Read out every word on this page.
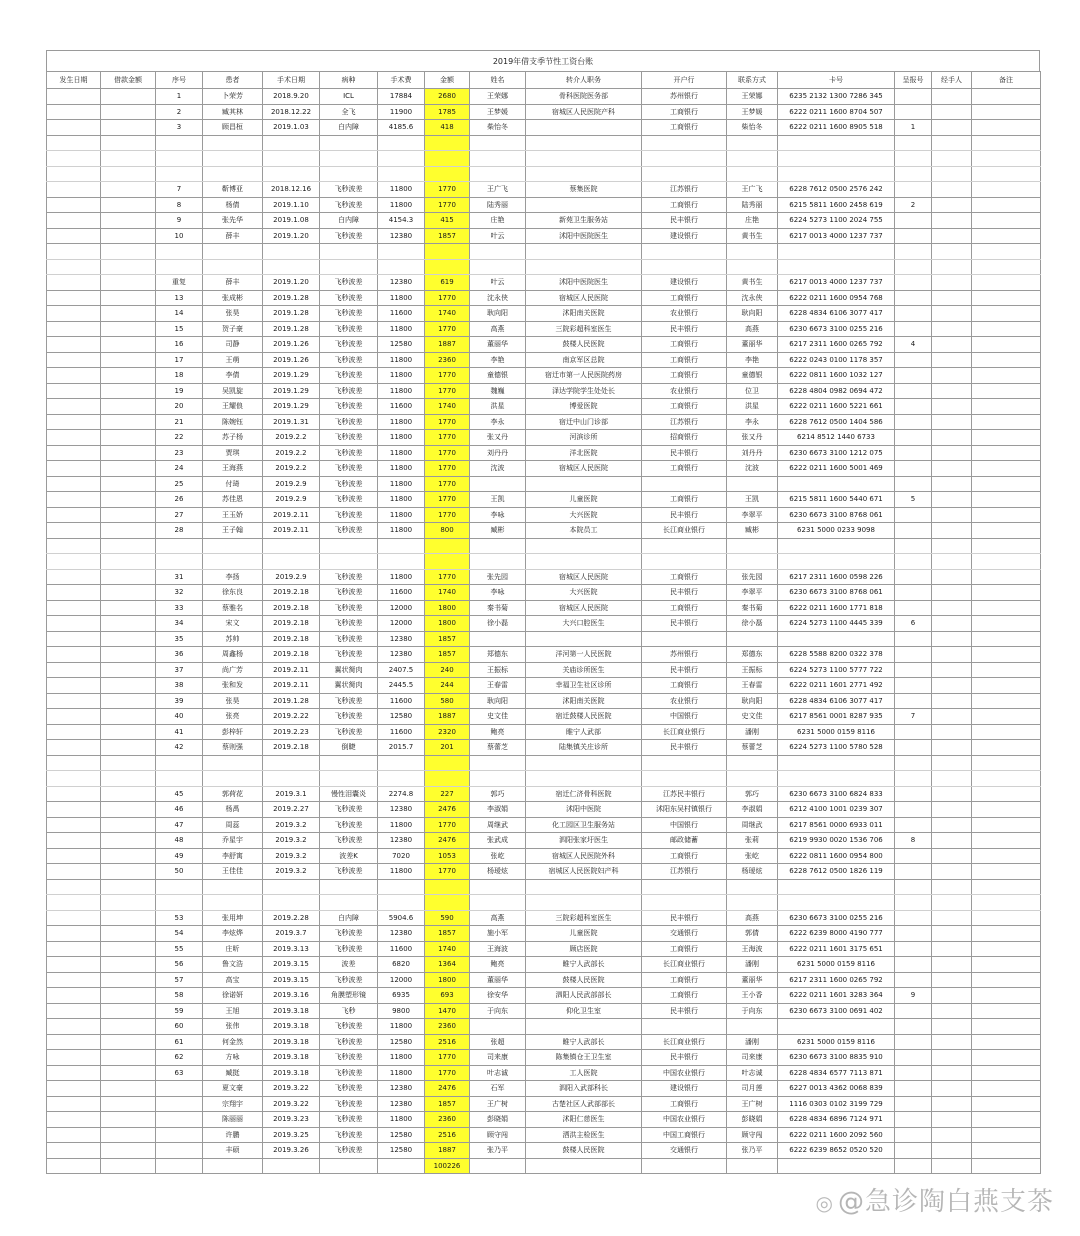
2019年借支季节性工资台账
发生日期	借款金额	序号	患者	手术日期	病种	手术费	金额	姓名	转介人职务	开户行	联系方式	卡号	呈报号	经手人	备注
		1	卜荣芳	2018.9.20	ICL	17884	2680	王荣娜	骨科医院医务部	苏州银行	王荣娜	6235 2132 1300 7286 345			
		2	臧其林	2018.12.22	全飞	11900	1785	王梦媛	宿城区人民医院产科	工商银行	王梦媛	6222 0211 1600 8704 507			
		3	顾昌桓	2019.1.03	白内障	4185.6	418	柴怡冬		工商银行	柴怡冬	6222 0211 1600 8905 518	1		

		7	靳博亚	2018.12.16	飞秒波差	11800	1770	王广飞	蔡集医院	江苏银行	王广飞	6228 7612 0500 2576 242			
		8	杨倩	2019.1.10	飞秒波差	11800	1770	陆秀丽		工商银行	陆秀丽	6215 5811 1600 2458 619	2		
		9	张先华	2019.1.08	白内障	4154.3	415	庄艳	新苑卫生服务站	民丰银行	庄艳	6224 5273 1100 2024 755			
		10	薛丰	2019.1.20	飞秒波差	12380	1857	叶云	沭阳中医院医生	建设银行	黄书生	6217 0013 4000 1237 737			

		重复	薛丰	2019.1.20	飞秒波差	12380	619	叶云	沭阳中医院医生	建设银行	黄书生	6217 0013 4000 1237 737			
		13	张成彬	2019.1.28	飞秒波差	11800	1770	沈永侠	宿城区人民医院	工商银行	沈永侠	6222 0211 1600 0954 768			
		14	张昊	2019.1.28	飞秒波差	11600	1740	耿向阳	沭阳南关医院	农业银行	耿向阳	6228 4834 6106 3077 417			
		15	贺子豪	2019.1.28	飞秒波差	11800	1770	高燕	三院彩超科室医生	民丰银行	高燕	6230 6673 3100 0255 216			
		16	司静	2019.1.26	飞秒波差	12580	1887	董丽华	鼓楼人民医院	工商银行	董丽华	6217 2311 1600 0265 792	4		
		17	王萌	2019.1.26	飞秒波差	11800	2360	李艳	南京军区总院	工商银行	李艳	6222 0243 0100 1178 357			
		18	李倩	2019.1.29	飞秒波差	11800	1770	童德银	宿迁市第一人民医院药房	工商银行	童德银	6222 0811 1600 1032 127			
		19	吴凯旋	2019.1.29	飞秒波差	11800	1770	魏巍	泽达学院学生处处长	农业银行	位卫	6228 4804 0982 0694 472			
		20	王耀俍	2019.1.29	飞秒波差	11600	1740	洪星	博爱医院	工商银行	洪星	6222 0211 1600 5221 661			
		21	陈婉钰	2019.1.31	飞秒波差	11800	1770	李永	宿迁中山门诊部	江苏银行	李永	6228 7612 0500 1404 586			
		22	苏子杨	2019.2.2	飞秒波差	11800	1770	张又丹	河滨诊所	招商银行	张又丹	6214 8512 1440 6733			
		23	贾琪	2019.2.2	飞秒波差	11800	1770	刘丹丹	洋北医院	民丰银行	刘丹丹	6230 6673 3100 1212 075			
		24	王海燕	2019.2.2	飞秒波差	11800	1770	沈波	宿城区人民医院	工商银行	沈波	6222 0211 1600 5001 469			
		25	付琦	2019.2.9	飞秒波差	11800	1770								
		26	苏佳恩	2019.2.9	飞秒波差	11800	1770	王凯	儿童医院	工商银行	王凯	6215 5811 1600 5440 671	5		
		27	王玉娇	2019.2.11	飞秒波差	11800	1770	李咏	大兴医院	民丰银行	李翠平	6230 6673 3100 8768 061			
		28	王子翰	2019.2.11	飞秒波差	11800	800	臧彬	本院员工	长江商业银行	臧彬	6231 5000 0233 9098			

		31	李扬	2019.2.9	飞秒波差	11800	1770	张先园	宿城区人民医院	工商银行	张先园	6217 2311 1600 0598 226			
		32	徐东良	2019.2.18	飞秒波差	11600	1740	李咏	大兴医院	民丰银行	李翠平	6230 6673 3100 8768 061			
		33	蔡雅名	2019.2.18	飞秒波差	12000	1800	秦书菊	宿城区人民医院	工商银行	秦书菊	6222 0211 1600 1771 818			
		34	宋文	2019.2.18	飞秒波差	12000	1800	徐小磊	大兴口腔医生	民丰银行	徐小磊	6224 5273 1100 4445 339	6		
		35	苏帅	2019.2.18	飞秒波差	12380	1857								
		36	周鑫杨	2019.2.18	飞秒波差	12380	1857	郑德东	洋河第一人民医院	苏州银行	郑德东	6228 5588 8200 0322 378			
		37	尚广芳	2019.2.11	翼状胬肉	2407.5	240	王振标	关庙诊所医生	民丰银行	王振标	6224 5273 1100 5777 722			
		38	张和发	2019.2.11	翼状胬肉	2445.5	244	王春雷	幸福卫生社区诊所	工商银行	王春雷	6222 0211 1601 2771 492			
		39	张昊	2019.1.28	飞秒波差	11600	580	耿向阳	沭阳南关医院	农业银行	耿向阳	6228 4834 6106 3077 417			
		40	张亮	2019.2.22	飞秒波差	12580	1887	史文佳	宿迁鼓楼人民医院	中国银行	史文佳	6217 8561 0001 8287 935	7		
		41	彭梓轩	2019.2.23	飞秒波差	11600	2320	鲍亮	睢宁人武部	长江商业银行	潘刚	6231 5000 0159 8116			
		42	蔡则强	2019.2.18	倒睫	2015.7	201	蔡蕾芝	陆集镇关庄诊所	民丰银行	蔡蕾芝	6224 5273 1100 5780 528			

		45	郭荷花	2019.3.1	慢性泪囊炎	2274.8	227	郭巧	宿迁仁济骨科医院	江苏民丰银行	郭巧	6230 6673 3100 6824 833			
		46	杨禹	2019.2.27	飞秒波差	12380	2476	李淑娟	沭阳中医院	沭阳东吴村镇银行	李淑娟	6212 4100 1001 0239 307			
		47	周蕊	2019.3.2	飞秒波差	11800	1770	周继武	化工园区卫生服务站	中国银行	周继武	6217 8561 0000 6933 011			
		48	乔星宇	2019.3.2	飞秒波差	12380	2476	张武成	泗阳张家圩医生	邮政储蓄	张莉	6219 9930 0020 1536 706	8		
		49	李舒寓	2019.3.2	波差K	7020	1053	张屹	宿城区人民医院外科	工商银行	张屹	6222 0811 1600 0954 800			
		50	王佳佳	2019.3.2	飞秒波差	11800	1770	杨瑷炫	宿城区人民医院妇产科	江苏银行	杨瑷炫	6228 7612 0500 1826 119			

		53	张用坤	2019.2.28	白内障	5904.6	590	高燕	三院彩超科室医生	民丰银行	高燕	6230 6673 3100 0255 216			
		54	李炫烨	2019.3.7	飞秒波差	12380	1857	施小军	儿童医院	交通银行	郭倩	6222 6239 8000 4190 777			
		55	庄昕	2019.3.13	飞秒波差	11600	1740	王海波	顾店医院	工商银行	王海波	6222 0211 1601 3175 651			
		56	鲁文浩	2019.3.15	波差	6820	1364	鲍亮	睢宁人武部长	长江商业银行	潘刚	6231 5000 0159 8116			
		57	高宝	2019.3.15	飞秒波差	12000	1800	董丽华	鼓楼人民医院	工商银行	董丽华	6217 2311 1600 0265 792			
		58	徐诺妍	2019.3.16	角膜塑形镜	6935	693	徐安华	泗阳人民武部部长	工商银行	王小香	6222 0211 1601 3283 364	9		
		59	王旭	2019.3.18	飞秒	9800	1470	于向东	仰化卫生室	民丰银行	于向东	6230 6673 3100 0691 402			
		60	张伟	2019.3.18	飞秒波差	11800	2360								
		61	何金然	2019.3.18	飞秒波差	12580	2516	张超	睢宁人武部长	长江商业银行	潘刚	6231 5000 0159 8116			
		62	方咏	2019.3.18	飞秒波差	11800	1770	司来康	陈集镇仓王卫生室	民丰银行	司来康	6230 6673 3100 8835 910			
		63	臧挺	2019.3.18	飞秒波差	11800	1770	叶志诚	工人医院	中国农业银行	叶志诚	6228 4834 6577 7113 871			
			夏文豪	2019.3.22	飞秒波差	12380	2476	石军	泗阳入武部科长	建设银行	司月莲	6227 0013 4362 0068 839			
			宗翔宇	2019.3.22	飞秒波差	12380	1857	王广树	古楚社区人武部部长	工商银行	王广树	1116 0303 0102 3199 729			
			陈丽丽	2019.3.23	飞秒波差	11800	2360	彭晓娟	沭阳仁慈医生	中国农业银行	彭晓娟	6228 4834 6896 7124 971			
			许鹏	2019.3.25	飞秒波差	12580	2516	顾守闯	洒洪主检医生	中国工商银行	顾守闯	6222 0211 1600 2092 560			
			丰硕	2019.3.26	飞秒波差	12580	1887	张乃平	鼓楼人民医院	交通银行	张乃平	6222 6239 8652 0520 520			
							100226								
◎ @急诊陶白燕支茶
